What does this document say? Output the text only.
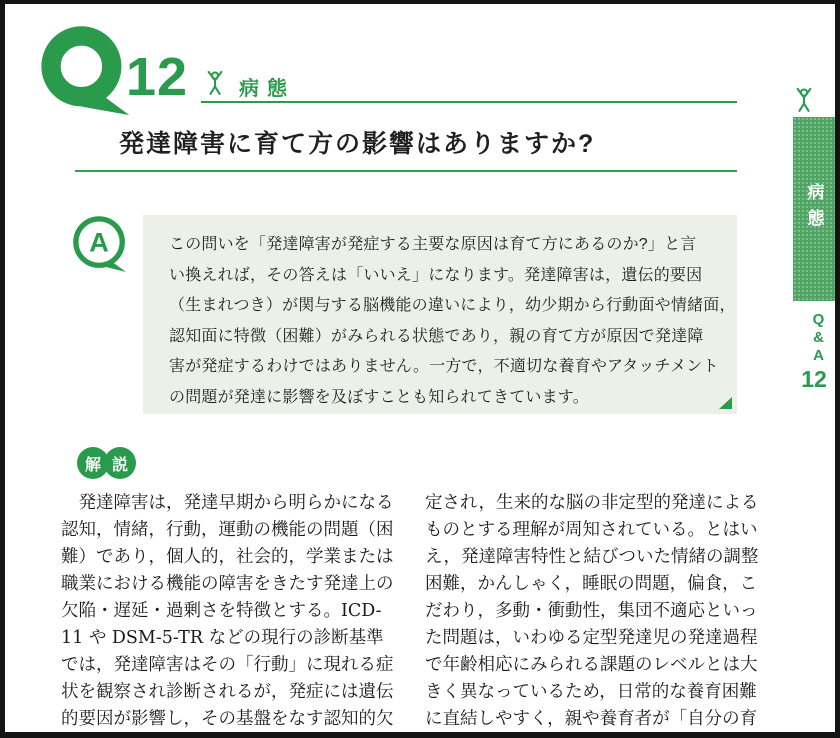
12	病態
発達障害に育て方の影響はありますか?
A	この問いを「発達障害が発症する主要な原因は育て方にあるのか?」と言
い換えれば，その答えは「いいえ」になります。発達障害は，遺伝的要因
（生まれつき）が関与する脳機能の違いにより，幼少期から行動面や情緒面，
認知面に特徴（困難）がみられる状態であり，親の育て方が原因で発達障
害が発症するわけではありません。一方で，不適切な養育やアタッチメント
の問題が発達に影響を及ぼすことも知られてきています。
解 説
　発達障害は，発達早期から明らかになる
認知，情緒，行動，運動の機能の問題（困
難）であり，個人的，社会的，学業または
職業における機能の障害をきたす発達上の
欠陥・遅延・過剰さを特徴とする。ICD-
11 や DSM-5-TR などの現行の診断基準
では，発達障害はその「行動」に現れる症
状を観察され診断されるが，発症には遺伝
的要因が影響し，その基盤をなす認知的欠
定され，生来的な脳の非定型的発達による
ものとする理解が周知されている。とはい
え，発達障害特性と結びついた情緒の調整
困難，かんしゃく，睡眠の問題，偏食，こ
だわり，多動・衝動性，集団不適応といっ
た問題は，いわゆる定型発達児の発達過程
で年齢相応にみられる課題のレベルとは大
きく異なっているため，日常的な養育困難
に直結しやすく，親や養育者が「自分の育
病態
Q&A
12
